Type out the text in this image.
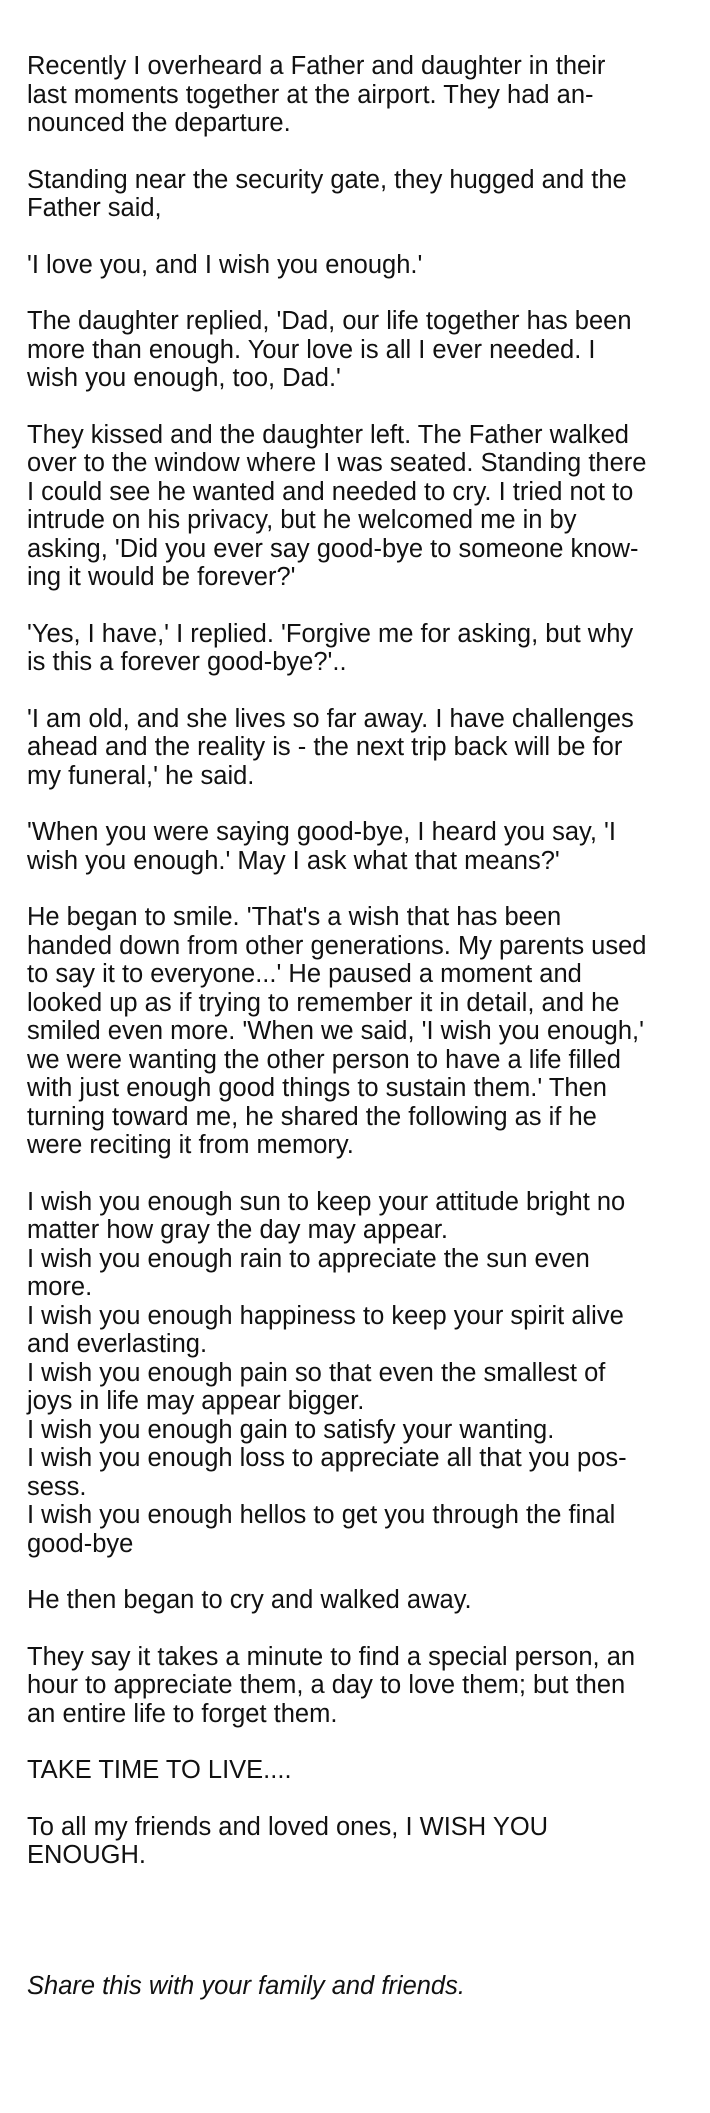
Recently I overheard a Father and daughter in their
last moments together at the airport. They had an-
nounced the departure.

Standing near the security gate, they hugged and the
Father said,

'I love you, and I wish you enough.'

The daughter replied, 'Dad, our life together has been
more than enough. Your love is all I ever needed. I
wish you enough, too, Dad.'

They kissed and the daughter left. The Father walked
over to the window where I was seated. Standing there
I could see he wanted and needed to cry. I tried not to
intrude on his privacy, but he welcomed me in by
asking, 'Did you ever say good-bye to someone know-
ing it would be forever?'

'Yes, I have,' I replied. 'Forgive me for asking, but why
is this a forever good-bye?'..

'I am old, and she lives so far away. I have challenges
ahead and the reality is - the next trip back will be for
my funeral,' he said.

'When you were saying good-bye, I heard you say, 'I
wish you enough.' May I ask what that means?'

He began to smile. 'That's a wish that has been
handed down from other generations. My parents used
to say it to everyone...' He paused a moment and
looked up as if trying to remember it in detail, and he
smiled even more. 'When we said, 'I wish you enough,'
we were wanting the other person to have a life filled
with just enough good things to sustain them.' Then
turning toward me, he shared the following as if he
were reciting it from memory.

I wish you enough sun to keep your attitude bright no
matter how gray the day may appear.
I wish you enough rain to appreciate the sun even
more.
I wish you enough happiness to keep your spirit alive
and everlasting.
I wish you enough pain so that even the smallest of
joys in life may appear bigger.
I wish you enough gain to satisfy your wanting.
I wish you enough loss to appreciate all that you pos-
sess.
I wish you enough hellos to get you through the final
good-bye

He then began to cry and walked away.

They say it takes a minute to find a special person, an
hour to appreciate them, a day to love them; but then
an entire life to forget them.

TAKE TIME TO LIVE....

To all my friends and loved ones, I WISH YOU
ENOUGH.

Share this with your family and friends.
